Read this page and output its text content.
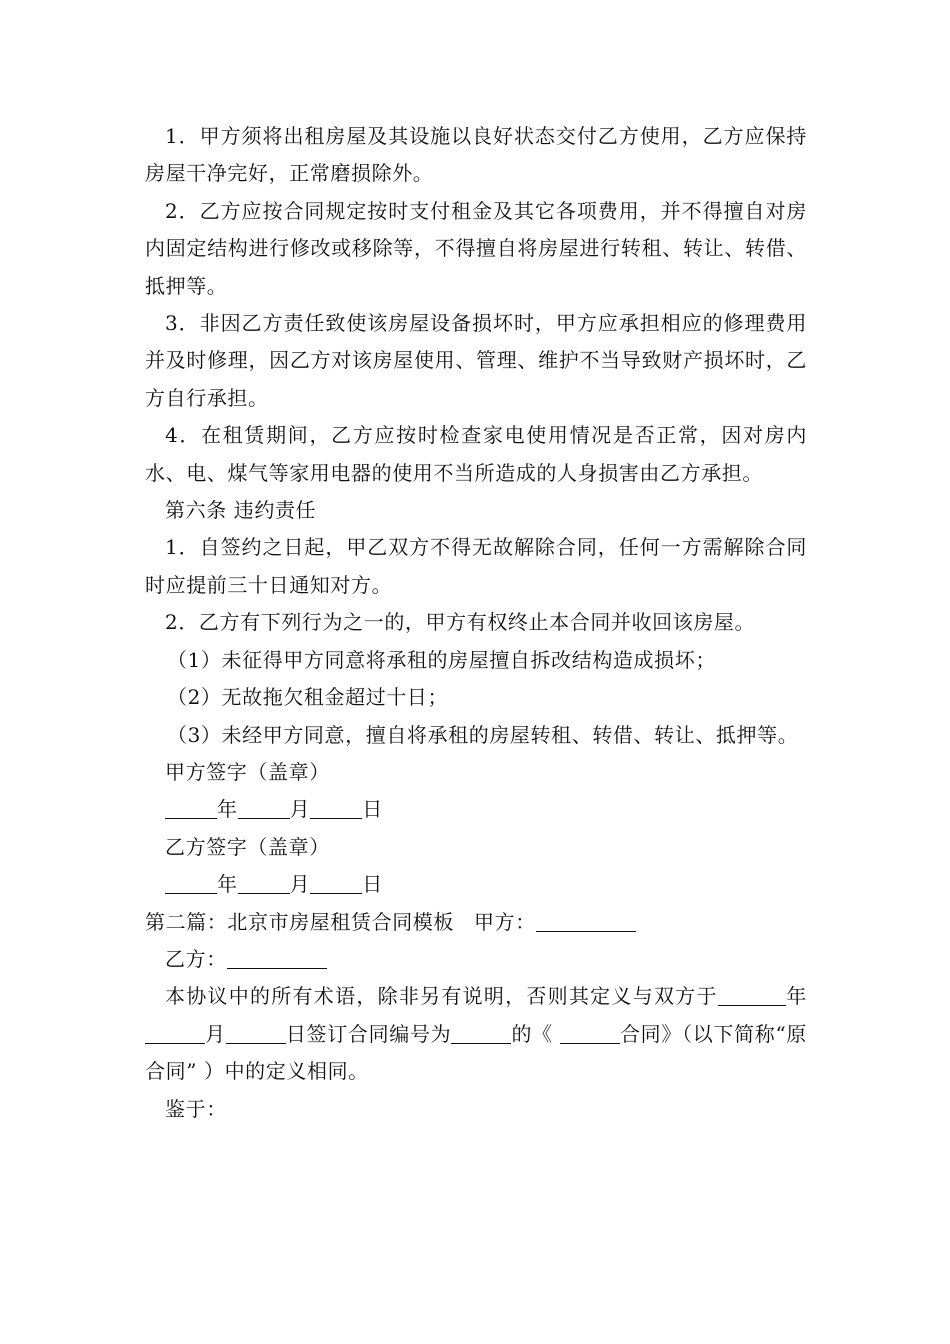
1．甲方须将出租房屋及其设施以良好状态交付乙方使用，乙方应保持房屋干净完好，正常磨损除外。

2．乙方应按合同规定按时支付租金及其它各项费用，并不得擅自对房内固定结构进行修改或移除等，不得擅自将房屋进行转租、转让、转借、抵押等。

3．非因乙方责任致使该房屋设备损坏时，甲方应承担相应的修理费用并及时修理，因乙方对该房屋使用、管理、维护不当导致财产损坏时，乙方自行承担。

4．在租赁期间，乙方应按时检查家电使用情况是否正常，因对房内水、电、煤气等家用电器的使用不当所造成的人身损害由乙方承担。

第六条 违约责任

1．自签约之日起，甲乙双方不得无故解除合同，任何一方需解除合同时应提前三十日通知对方。

2．乙方有下列行为之一的，甲方有权终止本合同并收回该房屋。

（1）未征得甲方同意将承租的房屋擅自拆改结构造成损坏；

（2）无故拖欠租金超过十日；

（3）未经甲方同意，擅自将承租的房屋转租、转借、转让、抵押等。

甲方签字（盖章）

年	月	日

乙方签字（盖章）

年	月	日

第二篇：北京市房屋租赁合同模板 甲方：

乙方：

本协议中的所有术语，除非另有说明，否则其定义与双方于	年月	日签订合同编号为	的《	合同》（以下简称“原合同” ）中的定义相同。

鉴于：
